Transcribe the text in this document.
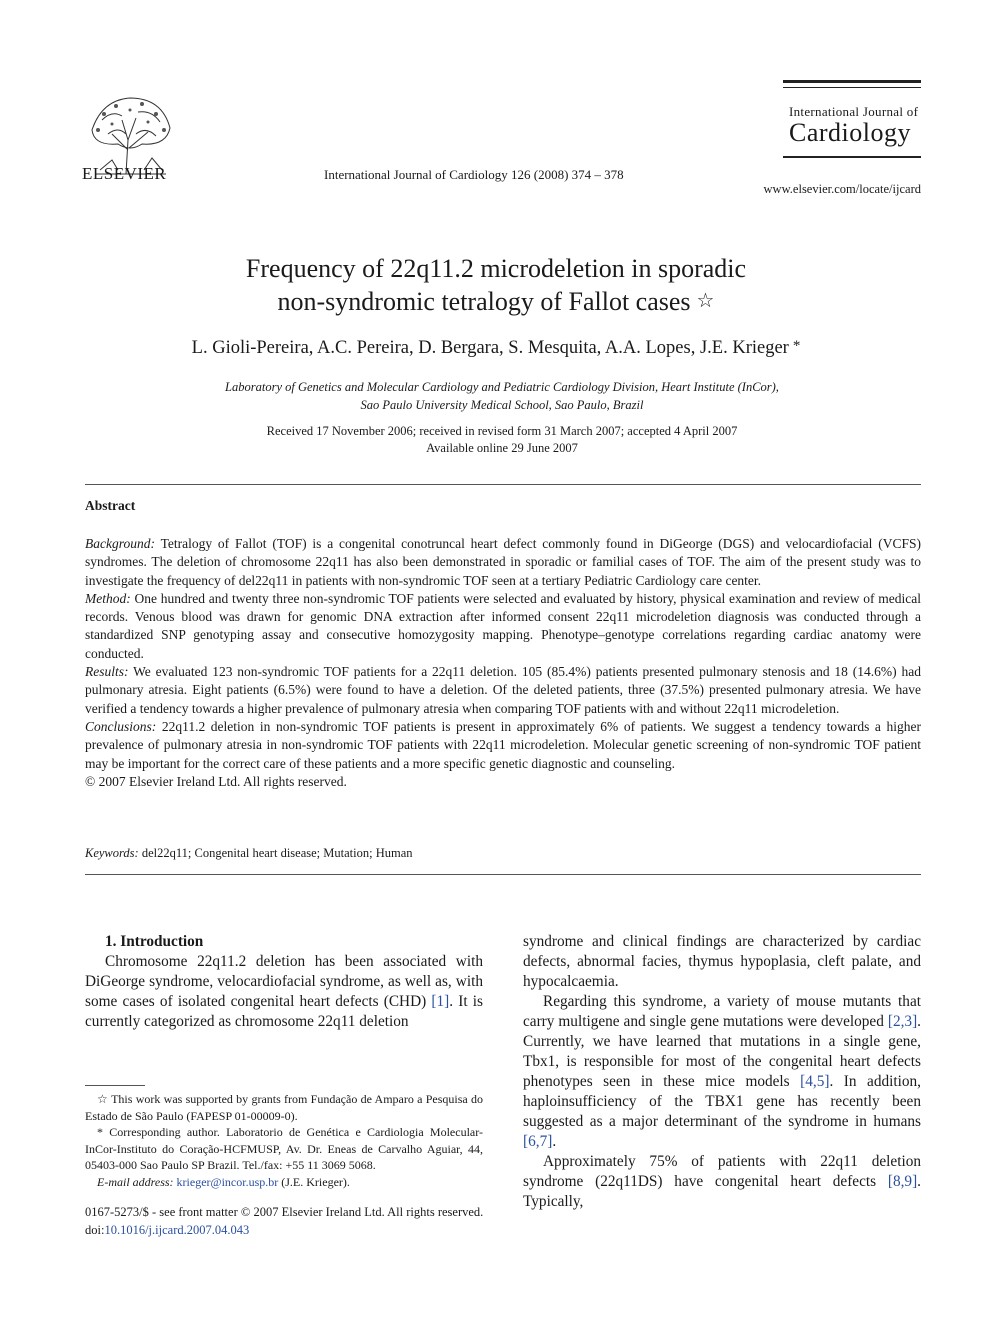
ELSEVIER	International Journal of Cardiology 126 (2008) 374 – 378
International Journal of
Cardiology
www.elsevier.com/locate/ijcard
Frequency of 22q11.2 microdeletion in sporadic
non-syndromic tetralogy of Fallot cases ☆
L. Gioli-Pereira, A.C. Pereira, D. Bergara, S. Mesquita, A.A. Lopes, J.E. Krieger *
Laboratory of Genetics and Molecular Cardiology and Pediatric Cardiology Division, Heart Institute (InCor),
Sao Paulo University Medical School, Sao Paulo, Brazil
Received 17 November 2006; received in revised form 31 March 2007; accepted 4 April 2007
Available online 29 June 2007
Abstract

Background: Tetralogy of Fallot (TOF) is a congenital conotruncal heart defect commonly found in DiGeorge (DGS) and velocardiofacial (VCFS) syndromes. The deletion of chromosome 22q11 has also been demonstrated in sporadic or familial cases of TOF. The aim of the present study was to investigate the frequency of del22q11 in patients with non-syndromic TOF seen at a tertiary Pediatric Cardiology care center.

Method: One hundred and twenty three non-syndromic TOF patients were selected and evaluated by history, physical examination and review of medical records. Venous blood was drawn for genomic DNA extraction after informed consent 22q11 microdeletion diagnosis was conducted through a standardized SNP genotyping assay and consecutive homozygosity mapping. Phenotype–genotype correlations regarding cardiac anatomy were conducted.

Results: We evaluated 123 non-syndromic TOF patients for a 22q11 deletion. 105 (85.4%) patients presented pulmonary stenosis and 18 (14.6%) had pulmonary atresia. Eight patients (6.5%) were found to have a deletion. Of the deleted patients, three (37.5%) presented pulmonary atresia. We have verified a tendency towards a higher prevalence of pulmonary atresia when comparing TOF patients with and without 22q11 microdeletion.

Conclusions: 22q11.2 deletion in non-syndromic TOF patients is present in approximately 6% of patients. We suggest a tendency towards a higher prevalence of pulmonary atresia in non-syndromic TOF patients with 22q11 microdeletion. Molecular genetic screening of non-syndromic TOF patient may be important for the correct care of these patients and a more specific genetic diagnostic and counseling.

© 2007 Elsevier Ireland Ltd. All rights reserved.

Keywords: del22q11; Congenital heart disease; Mutation; Human

1. Introduction

Chromosome 22q11.2 deletion has been associated with DiGeorge syndrome, velocardiofacial syndrome, as well as, with some cases of isolated congenital heart defects (CHD) [1]. It is currently categorized as chromosome 22q11 deletion

syndrome and clinical findings are characterized by cardiac defects, abnormal facies, thymus hypoplasia, cleft palate, and hypocalcaemia.

Regarding this syndrome, a variety of mouse mutants that carry multigene and single gene mutations were developed [2,3]. Currently, we have learned that mutations in a single gene, Tbx1, is responsible for most of the congenital heart defects phenotypes seen in these mice models [4,5]. In addition, haploinsufficiency of the TBX1 gene has recently been suggested as a major determinant of the syndrome in humans [6,7].

Approximately 75% of patients with 22q11 deletion syndrome (22q11DS) have congenital heart defects [8,9]. Typically,

☆ This work was supported by grants from Fundação de Amparo a Pesquisa do Estado de São Paulo (FAPESP 01-00009-0).

* Corresponding author. Laboratorio de Genética e Cardiologia Molecular-InCor-Instituto do Coração-HCFMUSP, Av. Dr. Eneas de Carvalho Aguiar, 44, 05403-000 Sao Paulo SP Brazil. Tel./fax: +55 11 3069 5068.

E-mail address: krieger@incor.usp.br (J.E. Krieger).

0167-5273/$ - see front matter © 2007 Elsevier Ireland Ltd. All rights reserved.
doi:10.1016/j.ijcard.2007.04.043
